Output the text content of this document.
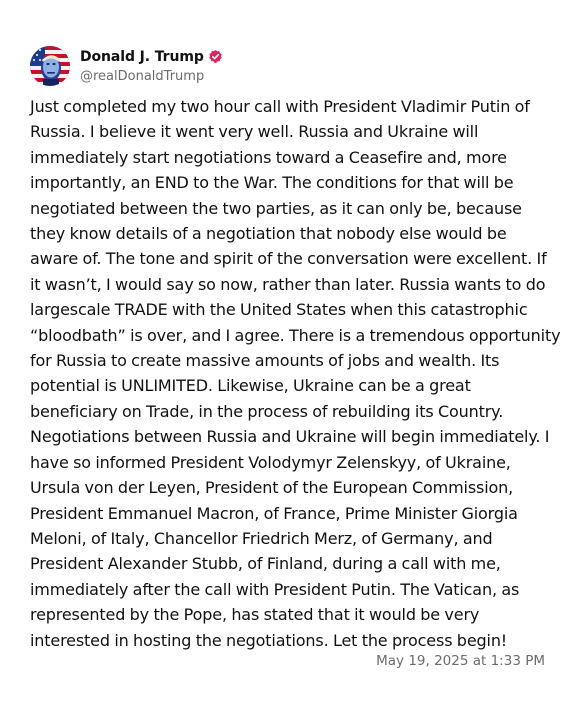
Donald J. Trump
@realDonaldTrump
Just completed my two hour call with President Vladimir Putin of
Russia. I believe it went very well. Russia and Ukraine will
immediately start negotiations toward a Ceasefire and, more
importantly, an END to the War. The conditions for that will be
negotiated between the two parties, as it can only be, because
they know details of a negotiation that nobody else would be
aware of. The tone and spirit of the conversation were excellent. If
it wasn’t, I would say so now, rather than later. Russia wants to do
largescale TRADE with the United States when this catastrophic
“bloodbath” is over, and I agree. There is a tremendous opportunity
for Russia to create massive amounts of jobs and wealth. Its
potential is UNLIMITED. Likewise, Ukraine can be a great
beneficiary on Trade, in the process of rebuilding its Country.
Negotiations between Russia and Ukraine will begin immediately. I
have so informed President Volodymyr Zelenskyy, of Ukraine,
Ursula von der Leyen, President of the European Commission,
President Emmanuel Macron, of France, Prime Minister Giorgia
Meloni, of Italy, Chancellor Friedrich Merz, of Germany, and
President Alexander Stubb, of Finland, during a call with me,
immediately after the call with President Putin. The Vatican, as
represented by the Pope, has stated that it would be very
interested in hosting the negotiations. Let the process begin!
May 19, 2025 at 1:33 PM
